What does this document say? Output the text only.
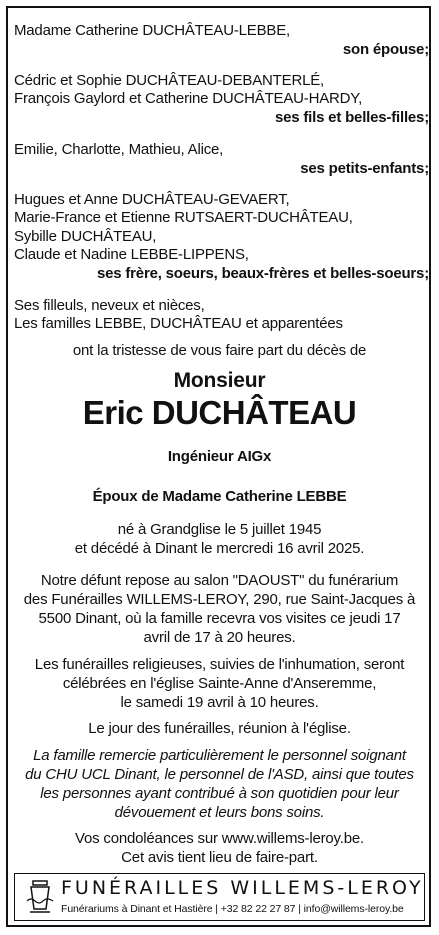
Madame Catherine DUCHÂTEAU-LEBBE,
son épouse;
Cédric et Sophie DUCHÂTEAU-DEBANTERLÉ,
François Gaylord et Catherine DUCHÂTEAU-HARDY,
ses fils et belles-filles;
Emilie, Charlotte, Mathieu, Alice,
ses petits-enfants;
Hugues et Anne DUCHÂTEAU-GEVAERT,
Marie-France et Etienne RUTSAERT-DUCHÂTEAU,
Sybille DUCHÂTEAU,
Claude et Nadine LEBBE-LIPPENS,
ses frère, soeurs, beaux-frères et belles-soeurs;
Ses filleuls, neveux et nièces,
Les familles LEBBE, DUCHÂTEAU et apparentées
ont la tristesse de vous faire part du décès de
Monsieur
Eric DUCHÂTEAU
Ingénieur AIGx
Époux de Madame Catherine LEBBE
né à Grandglise le 5 juillet 1945
et décédé à Dinant le mercredi 16 avril 2025.
Notre défunt repose au salon "DAOUST" du funérarium
des Funérailles WILLEMS-LEROY, 290, rue Saint-Jacques à
5500 Dinant, où la famille recevra vos visites ce jeudi 17
avril de 17 à 20 heures.
Les funérailles religieuses, suivies de l'inhumation, seront
célébrées en l'église Sainte-Anne d'Anseremme,
le samedi 19 avril à 10 heures.
Le jour des funérailles, réunion à l'église.
La famille remercie particulièrement le personnel soignant
du CHU UCL Dinant, le personnel de l'ASD, ainsi que toutes
les personnes ayant contribué à son quotidien pour leur
dévouement et leurs bons soins.
Vos condoléances sur www.willems-leroy.be.
Cet avis tient lieu de faire-part.
FUNÉRAILLES WILLEMS-LEROY
Funérariums à Dinant et Hastière | +32 82 22 27 87 | info@willems-leroy.be
